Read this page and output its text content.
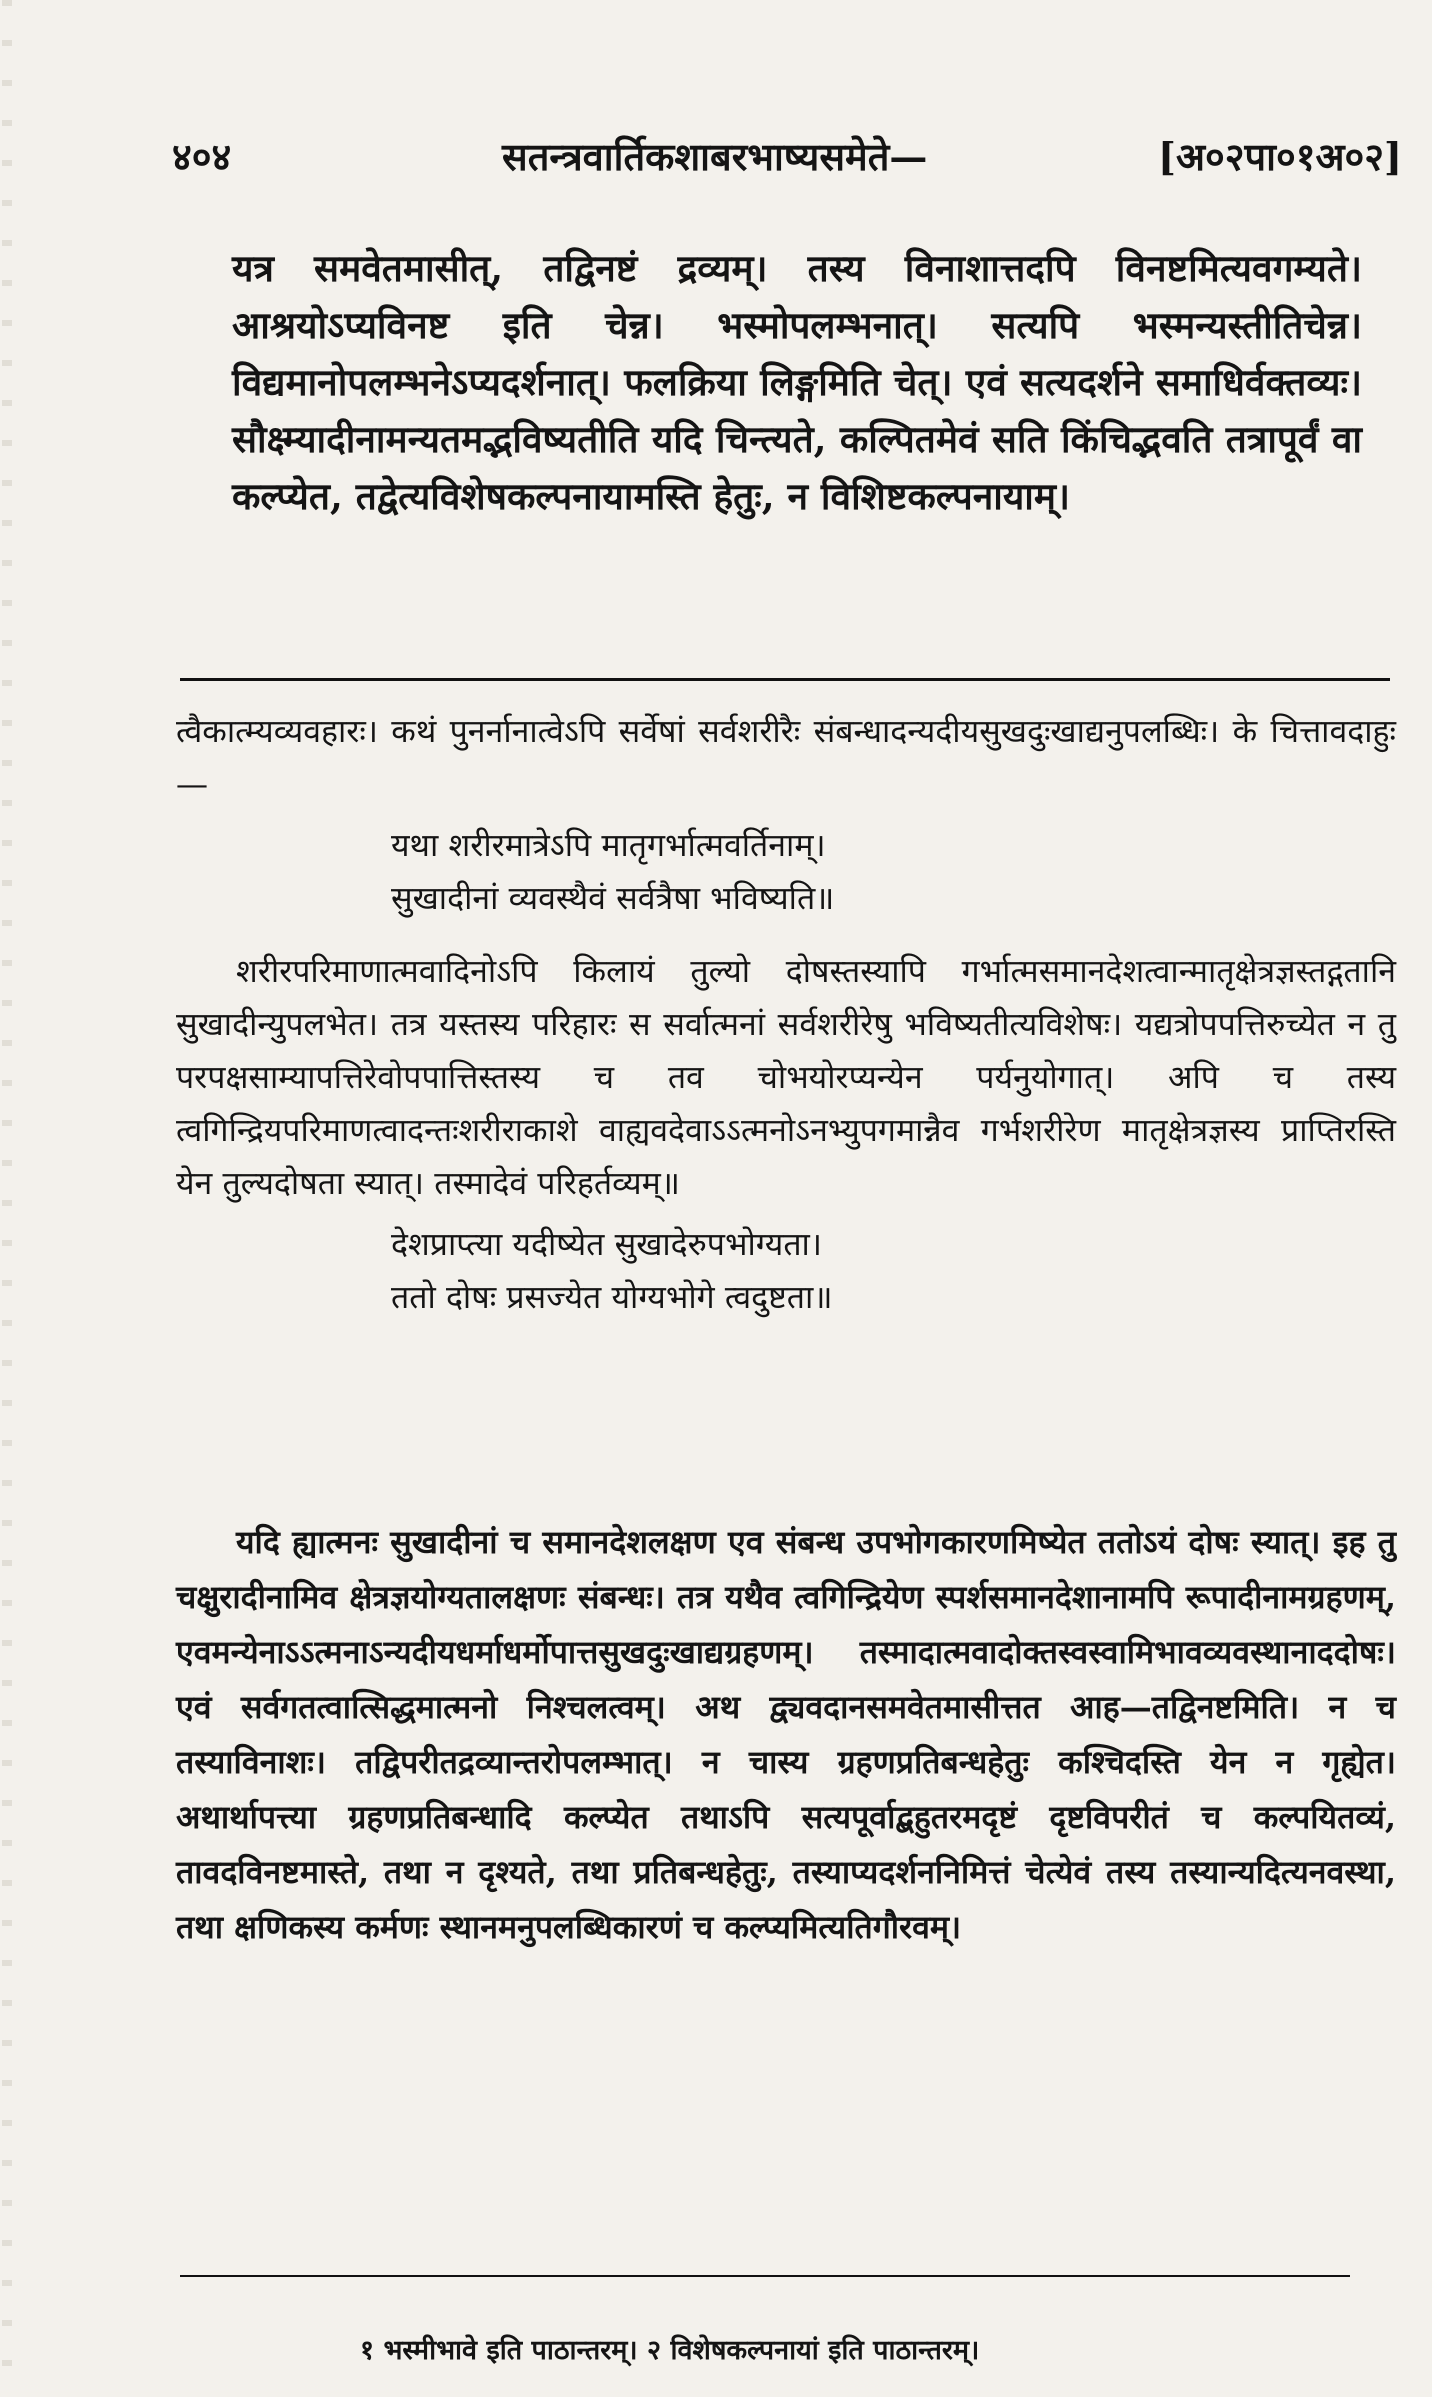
४०४	सतन्त्रवार्तिकशाबरभाष्यसमेते—	[अ०२पा०१अ०२]
यत्र समवेतमासीत्, तद्विनष्टं द्रव्यम्। तस्य विनाशात्तदपि विनष्टमित्यवगम्यते। आश्रयोऽप्यविनष्ट इति चेन्न। भस्मोपलम्भनात्। सत्यपि भस्मन्यस्तीतिचेन्न। विद्यमानोपलम्भनेऽप्यदर्शनात्। फलक्रिया लिङ्गमिति चेत्। एवं सत्यदर्शने समाधिर्वक्तव्यः। सौक्ष्म्यादीनामन्यतमद्भविष्यतीति यदि चिन्त्यते, कल्पितमेवं सति किंचिद्भवति तत्रापूर्वं वा कल्प्येत, तद्वेत्यविशेषकल्पनायामस्ति हेतुः, न विशिष्टकल्पनायाम्।

त्वैकात्म्यव्यवहारः। कथं पुनर्नानात्वेऽपि सर्वेषां सर्वशरीरैः संबन्धादन्यदीयसुखदुःखाद्यनुपलब्धिः। के चित्तावदाहुः—

यथा शरीरमात्रेऽपि मातृगर्भात्मवर्तिनाम्।
सुखादीनां व्यवस्थैवं सर्वत्रैषा भविष्यति॥

शरीरपरिमाणात्मवादिनोऽपि किलायं तुल्यो दोषस्तस्यापि गर्भात्मसमानदेशत्वान्मातृक्षेत्रज्ञस्तद्गतानि सुखादीन्युपलभेत। तत्र यस्तस्य परिहारः स सर्वात्मनां सर्वशरीरेषु भविष्यतीत्यविशेषः। यद्यत्रोपपत्तिरुच्येत न तु परपक्षसाम्यापत्तिरेवोपपात्तिस्तस्य च तव चोभयोरप्यन्येन पर्यनुयोगात्। अपि च तस्य त्वगिन्द्रियपरिमाणत्वादन्तःशरीराकाशे वाह्यवदेवाऽऽत्मनोऽनभ्युपगमान्नैव गर्भशरीरेण मातृक्षेत्रज्ञस्य प्राप्तिरस्ति येन तुल्यदोषता स्यात्। तस्मादेवं परिहर्तव्यम्॥

देशप्राप्त्या यदीष्येत सुखादेरुपभोग्यता।
ततो दोषः प्रसज्येत योग्यभोगे त्वदुष्टता॥

यदि ह्यात्मनः सुखादीनां च समानदेशलक्षण एव संबन्ध उपभोगकारणमिष्येत ततोऽयं दोषः स्यात्। इह तु चक्षुरादीनामिव क्षेत्रज्ञयोग्यतालक्षणः संबन्धः। तत्र यथैव त्वगिन्द्रियेण स्पर्शसमानदेशानामपि रूपादीनामग्रहणम्, एवमन्येनाऽऽत्मनाऽन्यदीयधर्माधर्मोपात्तसुखदुःखाद्यग्रहणम्। तस्मादात्मवादोक्तस्वस्वामिभावव्यवस्थानाददोषः। एवं सर्वगतत्वात्सिद्धमात्मनो निश्चलत्वम्। अथ द्व्यवदानसमवेतमासीत्तत आह—तद्विनष्टमिति। न च तस्याविनाशः। तद्विपरीतद्रव्यान्तरोपलम्भात्। न चास्य ग्रहणप्रतिबन्धहेतुः कश्चिदस्ति येन न गृह्येत। अथार्थापत्त्या ग्रहणप्रतिबन्धादि कल्प्येत तथाऽपि सत्यपूर्वाद्बहुतरमदृष्टं दृष्टविपरीतं च कल्पयितव्यं, तावदविनष्टमास्ते, तथा न दृश्यते, तथा प्रतिबन्धहेतुः, तस्याप्यदर्शननिमित्तं चेत्येवं तस्य तस्यान्यदित्यनवस्था, तथा क्षणिकस्य कर्मणः स्थानमनुपलब्धिकारणं च कल्प्यमित्यतिगौरवम्।

१ भस्मीभावे इति पाठान्तरम्। २ विशेषकल्पनायां इति पाठान्तरम्।
